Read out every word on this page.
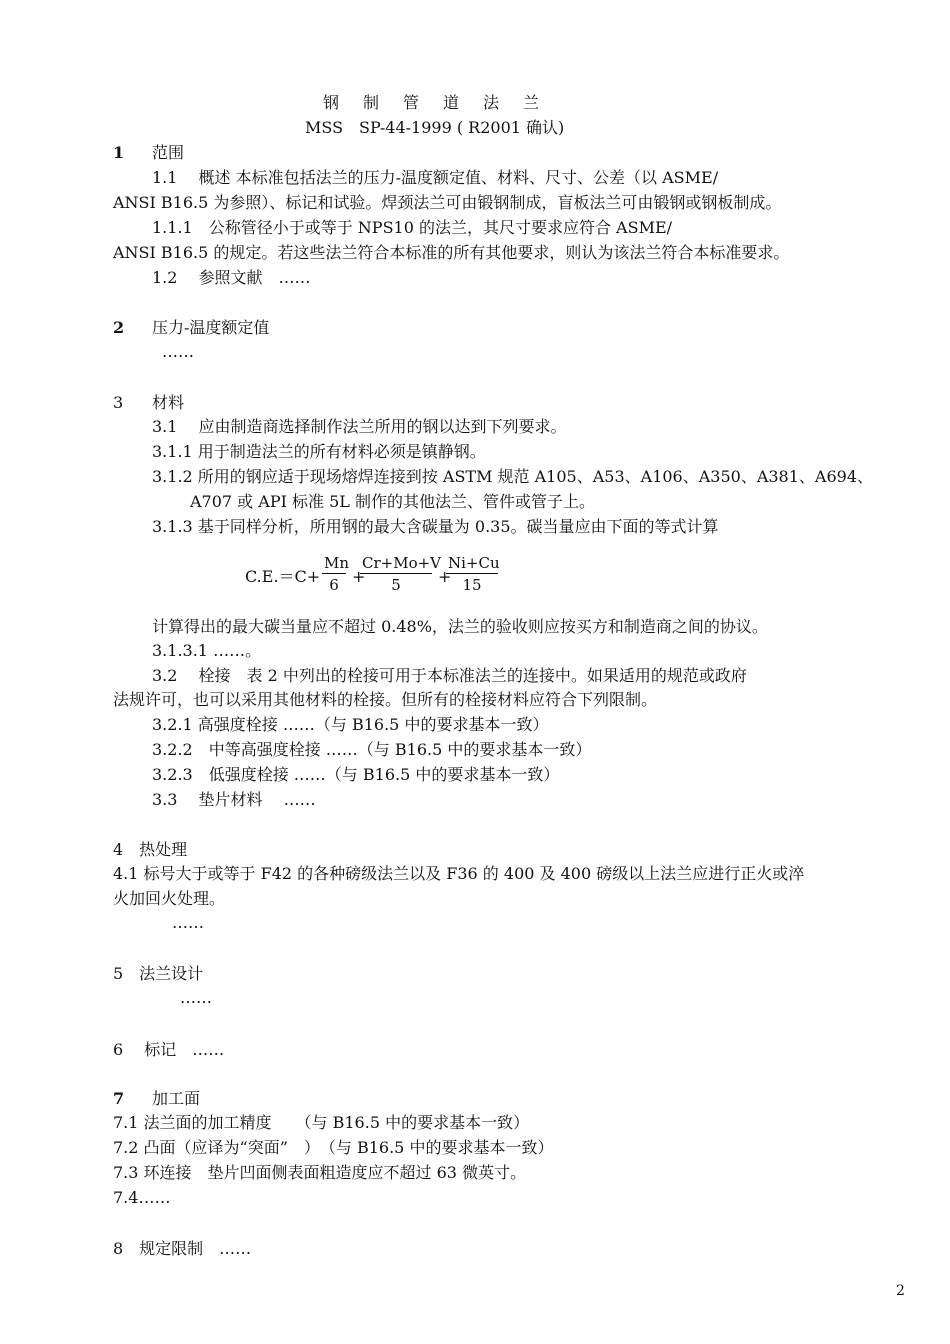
钢　制　管　道　法　兰
MSS　SP-44-1999 ( R2001 确认)
1 范围
1.1　 概述 本标准包括法兰的压力-温度额定值、材料、尺寸、公差（以 ASME/
ANSI B16.5 为参照）、标记和试验。焊颈法兰可由锻钢制成，盲板法兰可由锻钢或钢板制成。
1.1.1　公称管径小于或等于 NPS10 的法兰，其尺寸要求应符合 ASME/
ANSI B16.5 的规定。若这些法兰符合本标准的所有其他要求，则认为该法兰符合本标准要求。
1.2　 参照文献　……
2 压力-温度额定值
……
3 材料
3.1　 应由制造商选择制作法兰所用的钢以达到下列要求。
3.1.1 用于制造法兰的所有材料必须是镇静钢。
3.1.2 所用的钢应适于现场熔焊连接到按 ASTM 规范 A105、A53、A106、A350、A381、A694、
A707 或 API 标准 5L 制作的其他法兰、管件或管子上。
3.1.3 基于同样分析，所用钢的最大含碳量为 0.35。碳当量应由下面的等式计算
$C.E.=C+ \frac{Mn}{6}$ +
$\frac{Cr+Mo+V}{5}$ +
$\frac{Ni+Cu}{15}$
计算得出的最大碳当量应不超过 0.48%，法兰的验收则应按买方和制造商之间的协议。
3.1.3.1 ……。
3.2　 栓接　表 2 中列出的栓接可用于本标准法兰的连接中。如果适用的规范或政府
法规许可，也可以采用其他材料的栓接。但所有的栓接材料应符合下列限制。
3.2.1 高强度栓接 ……（与 B16.5 中的要求基本一致）
3.2.2　中等高强度栓接 ……（与 B16.5 中的要求基本一致）
3.2.3　低强度栓接 ……（与 B16.5 中的要求基本一致）
3.3　 垫片材料　 ……
4　热处理
4.1 标号大于或等于 F42 的各种磅级法兰以及 F36 的 400 及 400 磅级以上法兰应进行正火或淬
火加回火处理。
……
5　法兰设计
……
6　 标记　……
7 加工面
7.1 法兰面的加工精度　　（与 B16.5 中的要求基本一致）
7.2 凸面（应译为“突面”　）　（与 B16.5 中的要求基本一致）
7.3 环连接　垫片凹面侧表面粗造度应不超过 63 微英寸。
7.4……
8　规定限制　……
2
